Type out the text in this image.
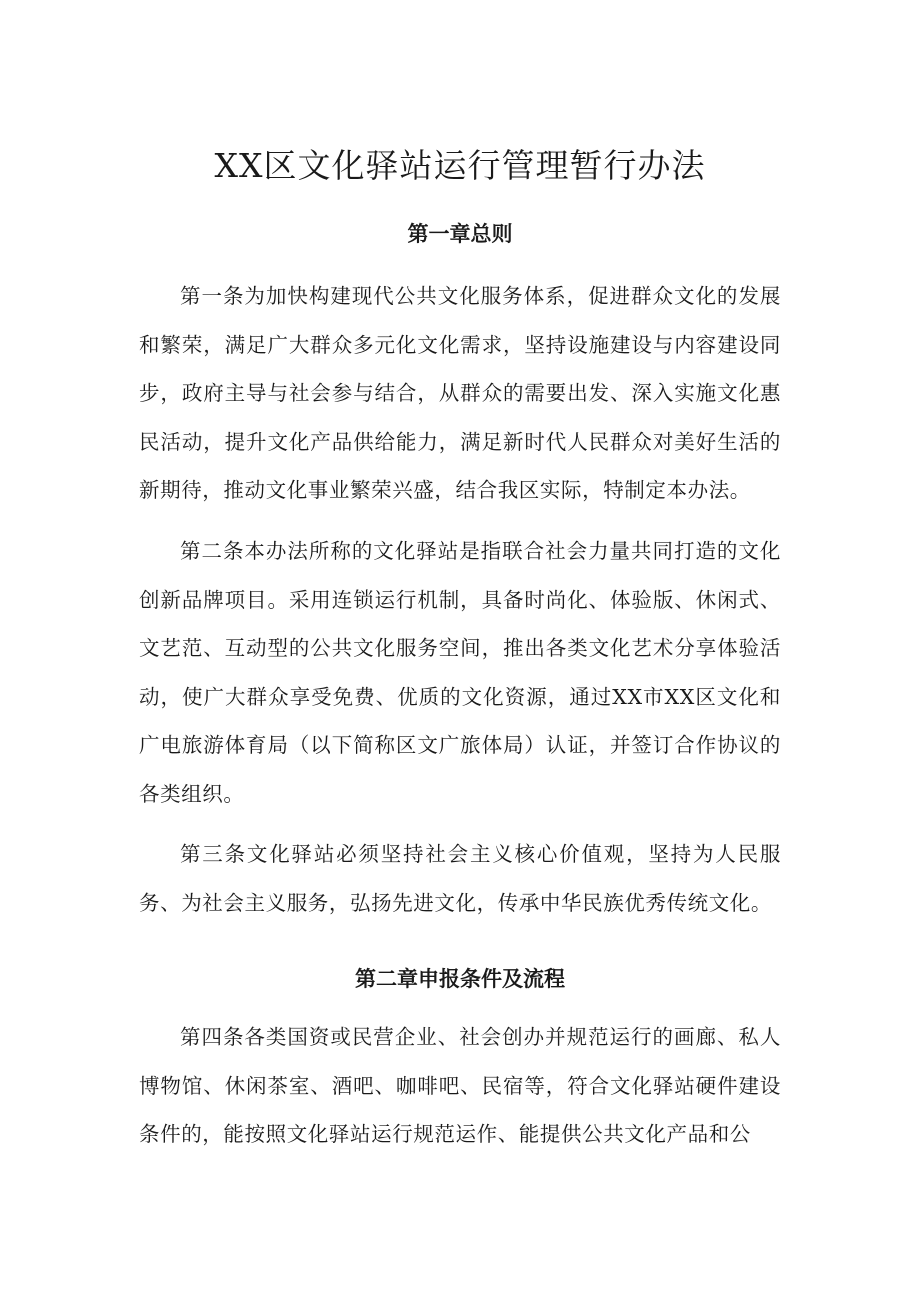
XX区文化驿站运行管理暂行办法
第一章总则

第一条为加快构建现代公共文化服务体系，促进群众文化的发展和繁荣，满足广大群众多元化文化需求，坚持设施建设与内容建设同步，政府主导与社会参与结合，从群众的需要出发、深入实施文化惠民活动，提升文化产品供给能力，满足新时代人民群众对美好生活的新期待，推动文化事业繁荣兴盛，结合我区实际，特制定本办法。

第二条本办法所称的文化驿站是指联合社会力量共同打造的文化创新品牌项目。采用连锁运行机制，具备时尚化、体验版、休闲式、文艺范、互动型的公共文化服务空间，推出各类文化艺术分享体验活动，使广大群众享受免费、优质的文化资源，通过XX市XX区文化和广电旅游体育局（以下简称区文广旅体局）认证，并签订合作协议的各类组织。

第三条文化驿站必须坚持社会主义核心价值观，坚持为人民服务、为社会主义服务，弘扬先进文化，传承中华民族优秀传统文化。

第二章申报条件及流程

第四条各类国资或民营企业、社会创办并规范运行的画廊、私人博物馆、休闲茶室、酒吧、咖啡吧、民宿等，符合文化驿站硬件建设条件的，能按照文化驿站运行规范运作、能提供公共文化产品和公
